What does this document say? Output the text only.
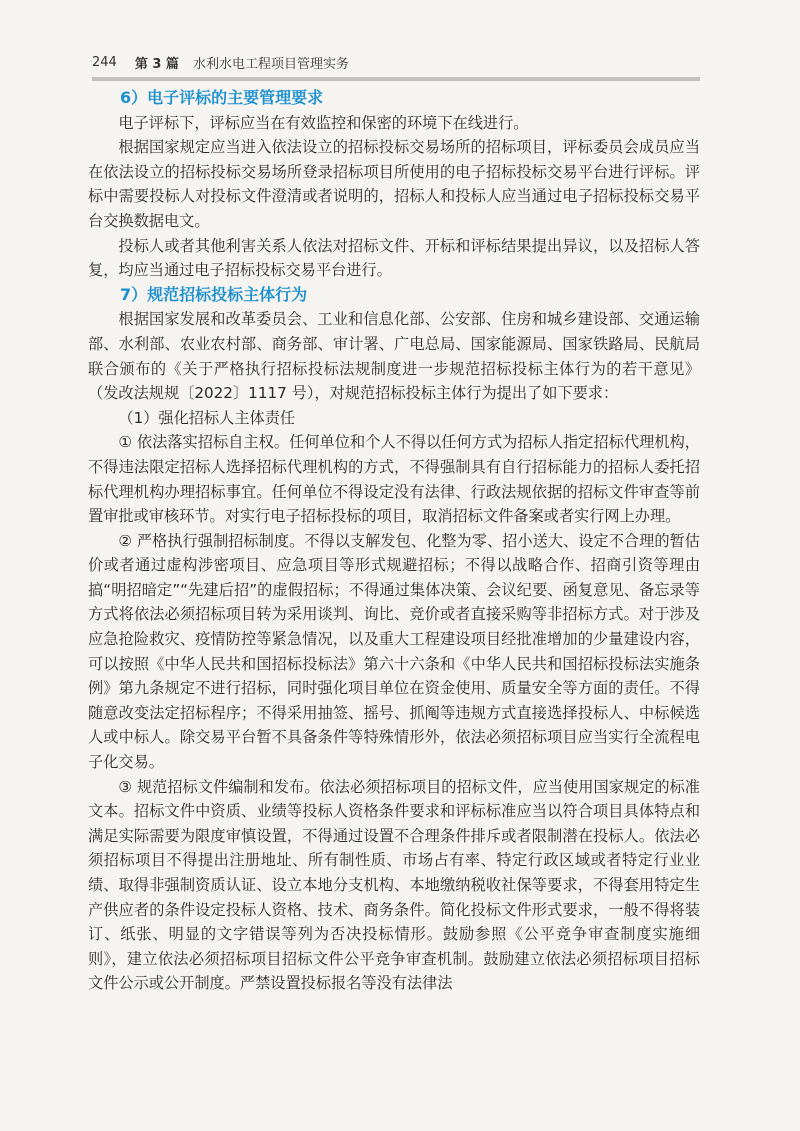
244 第 3 篇 水利水电工程项目管理实务
6）电子评标的主要管理要求

电子评标下，评标应当在有效监控和保密的环境下在线进行。

根据国家规定应当进入依法设立的招标投标交易场所的招标项目，评标委员会成员应当在依法设立的招标投标交易场所登录招标项目所使用的电子招标投标交易平台进行评标。评标中需要投标人对投标文件澄清或者说明的，招标人和投标人应当通过电子招标投标交易平台交换数据电文。

投标人或者其他利害关系人依法对招标文件、开标和评标结果提出异议，以及招标人答复，均应当通过电子招标投标交易平台进行。

7）规范招标投标主体行为

根据国家发展和改革委员会、工业和信息化部、公安部、住房和城乡建设部、交通运输部、水利部、农业农村部、商务部、审计署、广电总局、国家能源局、国家铁路局、民航局联合颁布的《关于严格执行招标投标法规制度进一步规范招标投标主体行为的若干意见》（发改法规规〔2022〕1117 号），对规范招标投标主体行为提出了如下要求：

（1）强化招标人主体责任

① 依法落实招标自主权。任何单位和个人不得以任何方式为招标人指定招标代理机构，不得违法限定招标人选择招标代理机构的方式，不得强制具有自行招标能力的招标人委托招标代理机构办理招标事宜。任何单位不得设定没有法律、行政法规依据的招标文件审查等前置审批或审核环节。对实行电子招标投标的项目，取消招标文件备案或者实行网上办理。

② 严格执行强制招标制度。不得以支解发包、化整为零、招小送大、设定不合理的暂估价或者通过虚构涉密项目、应急项目等形式规避招标；不得以战略合作、招商引资等理由搞“明招暗定”“先建后招”的虚假招标；不得通过集体决策、会议纪要、函复意见、备忘录等方式将依法必须招标项目转为采用谈判、询比、竞价或者直接采购等非招标方式。对于涉及应急抢险救灾、疫情防控等紧急情况，以及重大工程建设项目经批准增加的少量建设内容，可以按照《中华人民共和国招标投标法》第六十六条和《中华人民共和国招标投标法实施条例》第九条规定不进行招标，同时强化项目单位在资金使用、质量安全等方面的责任。不得随意改变法定招标程序；不得采用抽签、摇号、抓阄等违规方式直接选择投标人、中标候选人或中标人。除交易平台暂不具备条件等特殊情形外，依法必须招标项目应当实行全流程电子化交易。

③ 规范招标文件编制和发布。依法必须招标项目的招标文件，应当使用国家规定的标准文本。招标文件中资质、业绩等投标人资格条件要求和评标标准应当以符合项目具体特点和满足实际需要为限度审慎设置，不得通过设置不合理条件排斥或者限制潜在投标人。依法必须招标项目不得提出注册地址、所有制性质、市场占有率、特定行政区域或者特定行业业绩、取得非强制资质认证、设立本地分支机构、本地缴纳税收社保等要求，不得套用特定生产供应者的条件设定投标人资格、技术、商务条件。简化投标文件形式要求，一般不得将装订、纸张、明显的文字错误等列为否决投标情形。鼓励参照《公平竞争审查制度实施细则》，建立依法必须招标项目招标文件公平竞争审查机制。鼓励建立依法必须招标项目招标文件公示或公开制度。严禁设置投标报名等没有法律法
